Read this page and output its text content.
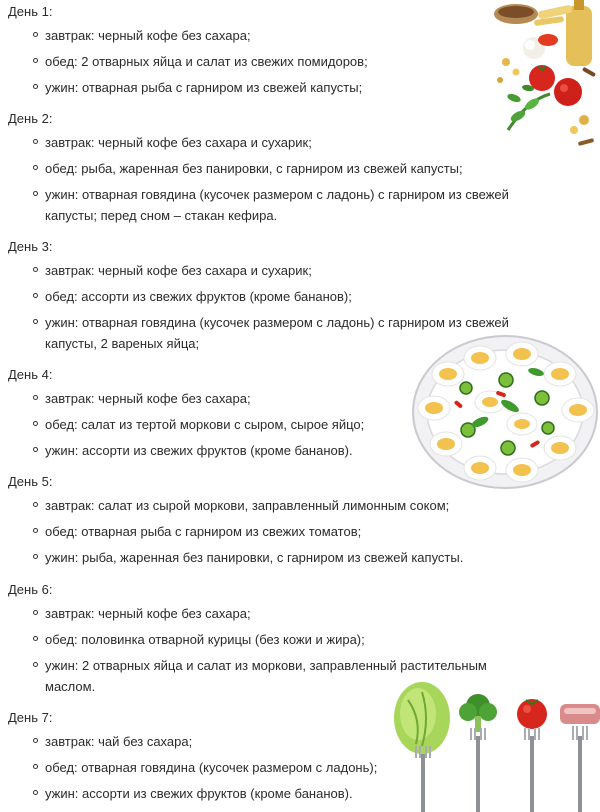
День 1:
завтрак: черный кофе без сахара;
обед: 2 отварных яйца и салат из свежих помидоров;
ужин: отварная рыба с гарниром из свежей капусты;
День 2:
завтрак: черный кофе без сахара и сухарик;
обед: рыба, жаренная без панировки, с гарниром из свежей капусты;
ужин: отварная говядина (кусочек размером с ладонь) с гарниром из свежей капусты; перед сном – стакан кефира.
День 3:
завтрак: черный кофе без сахара и сухарик;
обед: ассорти из свежих фруктов (кроме бананов);
ужин: отварная говядина (кусочек размером с ладонь) с гарниром из свежей капусты, 2 вареных яйца;
День 4:
завтрак: черный кофе без сахара;
обед: салат из тертой моркови с сыром, сырое яйцо;
ужин: ассорти из свежих фруктов (кроме бананов).
День 5:
завтрак: салат из сырой моркови, заправленный лимонным соком;
обед: отварная рыба с гарниром из свежих томатов;
ужин: рыба, жаренная без панировки, с гарниром из свежей капусты.
День 6:
завтрак: черный кофе без сахара;
обед: половинка отварной курицы (без кожи и жира);
ужин: 2 отварных яйца и салат из моркови, заправленный растительным маслом.
День 7:
завтрак: чай без сахара;
обед: отварная говядина (кусочек размером с ладонь);
ужин: ассорти из свежих фруктов (кроме бананов).
